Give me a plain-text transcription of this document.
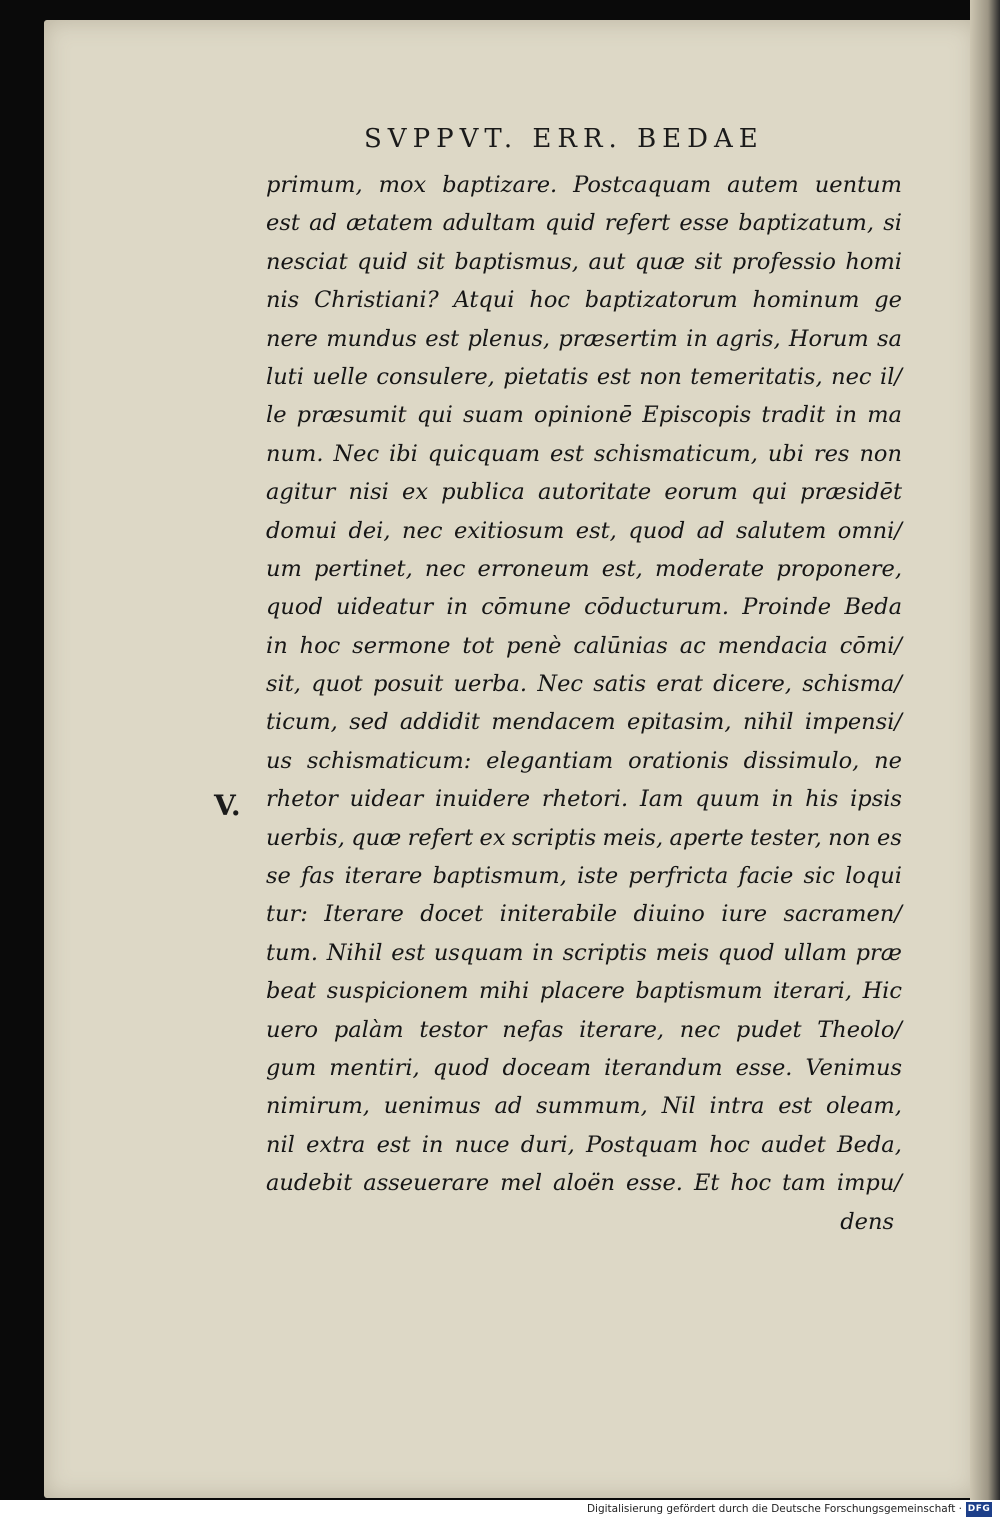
SVPPVT. ERR. BEDAE
V.
primum, mox baptizare. Postcaquam autem uentum
est ad ætatem adultam quid refert esse baptizatum, si
nesciat quid sit baptismus, aut quæ sit professio homi
nis Christiani? Atqui hoc baptizatorum hominum ge
nere mundus est plenus, præsertim in agris, Horum sa
luti uelle consulere, pietatis est non temeritatis, nec il/
le præsumit qui suam opinionē Episcopis tradit in ma
num. Nec ibi quicquam est schismaticum, ubi res non
agitur nisi ex publica autoritate eorum qui præsidēt
domui dei, nec exitiosum est, quod ad salutem omni/
um pertinet, nec erroneum est, moderate proponere,
quod uideatur in cōmune cōducturum. Proinde Beda
in hoc sermone tot penè calūnias ac mendacia cōmi/
sit, quot posuit uerba. Nec satis erat dicere, schisma/
ticum, sed addidit mendacem epitasim, nihil impensi/
us schismaticum: elegantiam orationis dissimulo, ne
rhetor uidear inuidere rhetori. Iam quum in his ipsis
uerbis, quæ refert ex scriptis meis, aperte tester, non es
se fas iterare baptismum, iste perfricta facie sic loqui
tur: Iterare docet initerabile diuino iure sacramen/
tum. Nihil est usquam in scriptis meis quod ullam præ
beat suspicionem mihi placere baptismum iterari, Hic
uero palàm testor nefas iterare, nec pudet Theolo/
gum mentiri, quod doceam iterandum esse. Venimus
nimirum, uenimus ad summum, Nil intra est oleam,
nil extra est in nuce duri, Postquam hoc audet Beda,
audebit asseuerare mel aloën esse. Et hoc tam impu/
dens
Digitalisierung gefördert durch die Deutsche Forschungsgemeinschaft · DFG
